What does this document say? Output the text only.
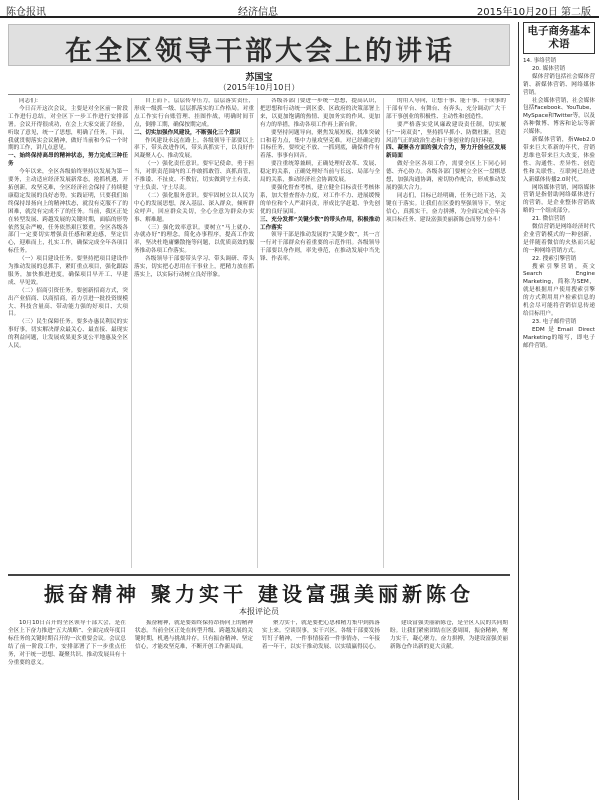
陈仓报讯	经济信息	2015年10月20日 第二版
在全区领导干部大会上的讲话
苏国宝
（2015年10月10日）

同志们：

今日召开这次会议，主要是对全区前一阶段工作进行总结，对全区下一步工作进行安排部署。会议开得很成功，在会上大家交流了经验，听取了意见，统一了思想，明确了任务。下面，我就贯彻落实会议精神，做好当前和今后一个时期的工作，讲几点意见。

一、始终保持高昂的精神状态，努力完成三种任务

今年以来，全区各级始终坚持以发展为第一要务，主动适应经济发展新常态，抢抓机遇，开拓创新，攻坚克难，全区经济社会保持了持续健康稳定发展的良好态势。实践证明，只要我们始终保持昂扬向上的精神状态，就没有克服不了的困难，就没有完成不了的任务。当前，我区正处在转型发展、跨越发展的关键时期，面临的形势依然复杂严峻，任务依然艰巨繁重。全区各级各部门一定要切实增强责任感和紧迫感，坚定信心，迎难而上，扎实工作，确保完成全年各项目标任务。

（一）项目建设任务。要坚持把项目建设作为推动发展的总抓手，紧盯重点项目，强化跟踪服务，加快推进进度，确保项目早开工、早建成、早见效。

（二）招商引资任务。要创新招商方式，突出产业招商、以商招商，着力引进一批投资规模大、科技含量高、带动能力强的好项目、大项目。

（三）民生保障任务。要多办惠民利民的实事好事，切实解决群众最关心、最直接、最现实的利益问题，让发展成果更多更公平地惠及全区人民。

自上而下，层层传导压力，层层落实责任，形成一级抓一级、层层抓落实的工作格局。对重点工作实行台账管理、挂图作战，明确时间节点，倒排工期，确保按期完成。

二、切实加强作风建设，不断强化三个意识

作风建设永远在路上。各级领导干部要以上率下，带头改进作风，带头真抓实干，以良好作风凝聚人心、推动发展。

（一）强化责任意识。要牢记使命，勇于担当，对职责范围内的工作敢抓敢管、真抓真管，不推诿、不扯皮、不敷衍，切实做到守土有责、守土负责、守土尽责。

（二）强化服务意识。要牢固树立以人民为中心的发展思想，深入基层、深入群众，倾听群众呼声，回应群众关切，全心全意为群众办实事、解难题。

（三）强化效率意识。要树立“马上就办、办就办好”的理念，简化办事程序，提高工作效率，坚决杜绝庸懒散拖等问题，以优质高效的服务推动各项工作落实。

各级领导干部要带头学习、带头调研、带头落实，切实把心思用在干事业上，把精力放在抓落实上，以实际行动树立良好形象。

各级各部门要进一步统一思想，提高认识，把思想和行动统一到区委、区政府的决策部署上来，以更加饱满的热情、更加务实的作风、更加有力的举措，推动各项工作再上新台阶。

要坚持问题导向，聚焦发展短板，找准突破口和着力点，集中力量攻坚克难。对已经确定的目标任务，要咬定不放、一抓到底，确保件件有着落、事事有回音。

要注重统筹兼顾，正确处理好改革、发展、稳定的关系，正确处理好当前与长远、局部与全局的关系，推动经济社会协调发展。

要强化督查考核，建立健全目标责任考核体系，加大督查督办力度，对工作不力、进展缓慢的单位和个人严肃问责，形成比学赶超、争先创优的良好氛围。

三、充分发挥“关键少数”的带头作用，积极推动工作落实

领导干部是推动发展的“关键少数”，其一言一行对干部群众有着重要的示范作用。各级领导干部要以身作则，率先垂范，在推动发展中当先锋、作表率。

的用人导向，让想干事、能干事、干成事的干部有平台、有舞台、有奔头，充分调动广大干部干事创业的积极性、主动性和创造性。

要严格落实党风廉政建设责任制，切实履行“一岗双责”，坚持抓早抓小、防微杜渐，营造风清气正的政治生态和干事创业的良好环境。

四、凝聚各方面的强大合力，努力开创全区发展新局面

做好全区各项工作，需要全区上下同心同德、齐心协力。各级各部门要树立全区一盘棋思想，加强沟通协调，密切协作配合，形成推动发展的强大合力。

同志们，目标已经明确，任务已经下达，关键在于落实。让我们在区委的坚强领导下，坚定信心，真抓实干，奋力拼搏，为全面完成全年各项目标任务、建设富强美丽新陈仓而努力奋斗！

振奋精神 聚力实干 建设富强美丽新陈仓
本报评论员

10月10日召开的全区领导干部大会，是在全区上下奋力推进“五大战略”、全面完成年度目标任务的关键时期召开的一次重要会议。会议总结了前一阶段工作，安排部署了下一步重点任务，对于统一思想、凝聚共识、推动发展具有十分重要的意义。

振奋精神，就是要始终保持昂扬向上的精神状态。当前全区正处在转型升级、跨越发展的关键时期，机遇与挑战并存。只有振奋精神、坚定信心，才能攻坚克难，不断开创工作新局面。

聚力实干，就是要把心思和精力集中到抓落实上来。空谈误事，实干兴区。各级干部要发扬钉钉子精神，一件事情接着一件事情办，一年接着一年干，以实干推动发展、以实绩赢得民心。

建设富强美丽新陈仓，是全区人民的共同期盼。让我们紧密团结在区委周围，振奋精神，聚力实干，凝心聚力，奋力拼搏，为建设富强美丽新陈仓作出新的更大贡献。

电子商务基本术语

14. 事络营销

20. 媒体营销

媒体营销包括社会媒体营销、新媒体营销、网络媒体营销。

社会媒体营销，社会媒体包括Facebook、YouTube、MySpace和Twitter等，以及各种微博、博客和论坛等新兴媒体。

新媒体营销，指Web2.0带来巨大革新的年代，营销思维也带来巨大改变，体验性、沟通性、差异性、创造性和关联性，互联网已经进入新媒体传播2.0时代。

网络媒体营销，网络媒体营销是指借助网络媒体进行的营销，是企业整体营销战略的一个组成部分。

21. 微信营销

微信营销是网络经济时代企业营销模式的一种创新，是伴随着微信的火热而兴起的一种网络营销方式。

22. 搜索引擎营销

搜索引擎营销，英文Search Engine Marketing，简称为SEM，就是根据用户使用搜索引擎的方式利用用户检索信息的机会尽可能将营销信息传递给目标用户。

23. 电子邮件营销

EDM是Email Direct Marketing的缩写，即电子邮件营销。
